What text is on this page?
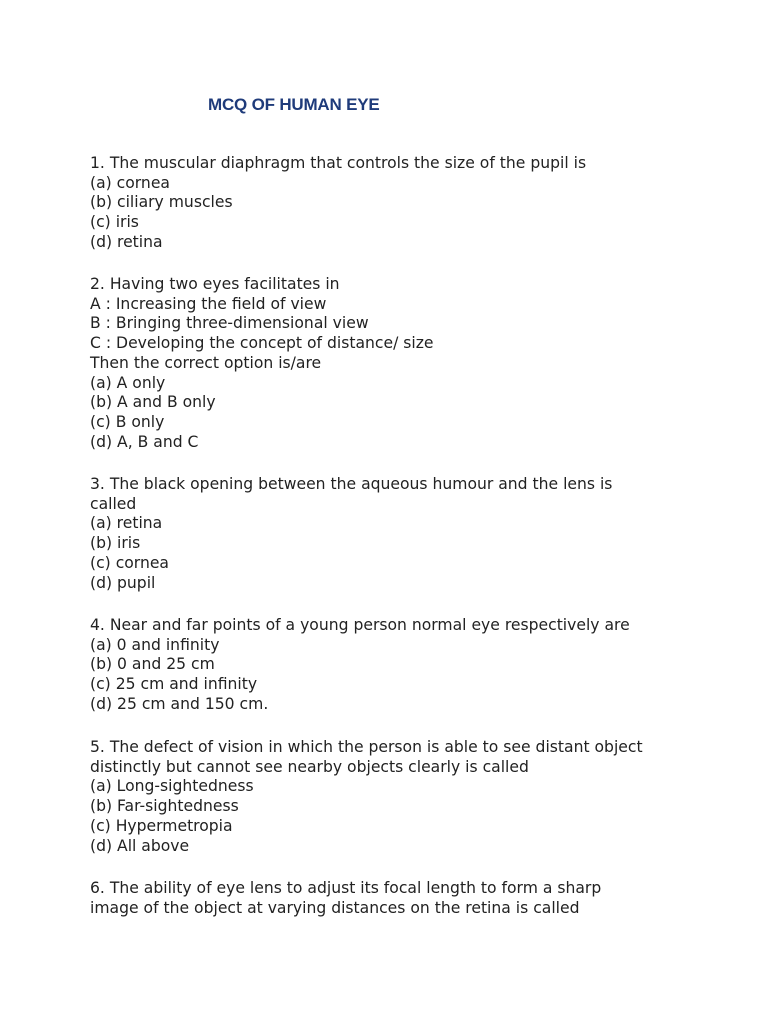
MCQ OF HUMAN EYE

1. The muscular diaphragm that controls the size of the pupil is

(a) cornea

(b) ciliary muscles

(c) iris

(d) retina

2. Having two eyes facilitates in

A : Increasing the field of view

B : Bringing three-dimensional view

C : Developing the concept of distance/ size

Then the correct option is/are

(a) A only

(b) A and B only

(c) B only

(d) A, B and C

3. The black opening between the aqueous humour and the lens is

called

(a) retina

(b) iris

(c) cornea

(d) pupil

4. Near and far points of a young person normal eye respectively are

(a) 0 and infinity

(b) 0 and 25 cm

(c) 25 cm and infinity

(d) 25 cm and 150 cm.

5. The defect of vision in which the person is able to see distant object

distinctly but cannot see nearby objects clearly is called

(a) Long-sightedness

(b) Far-sightedness

(c) Hypermetropia

(d) All above

6. The ability of eye lens to adjust its focal length to form a sharp

image of the object at varying distances on the retina is called
